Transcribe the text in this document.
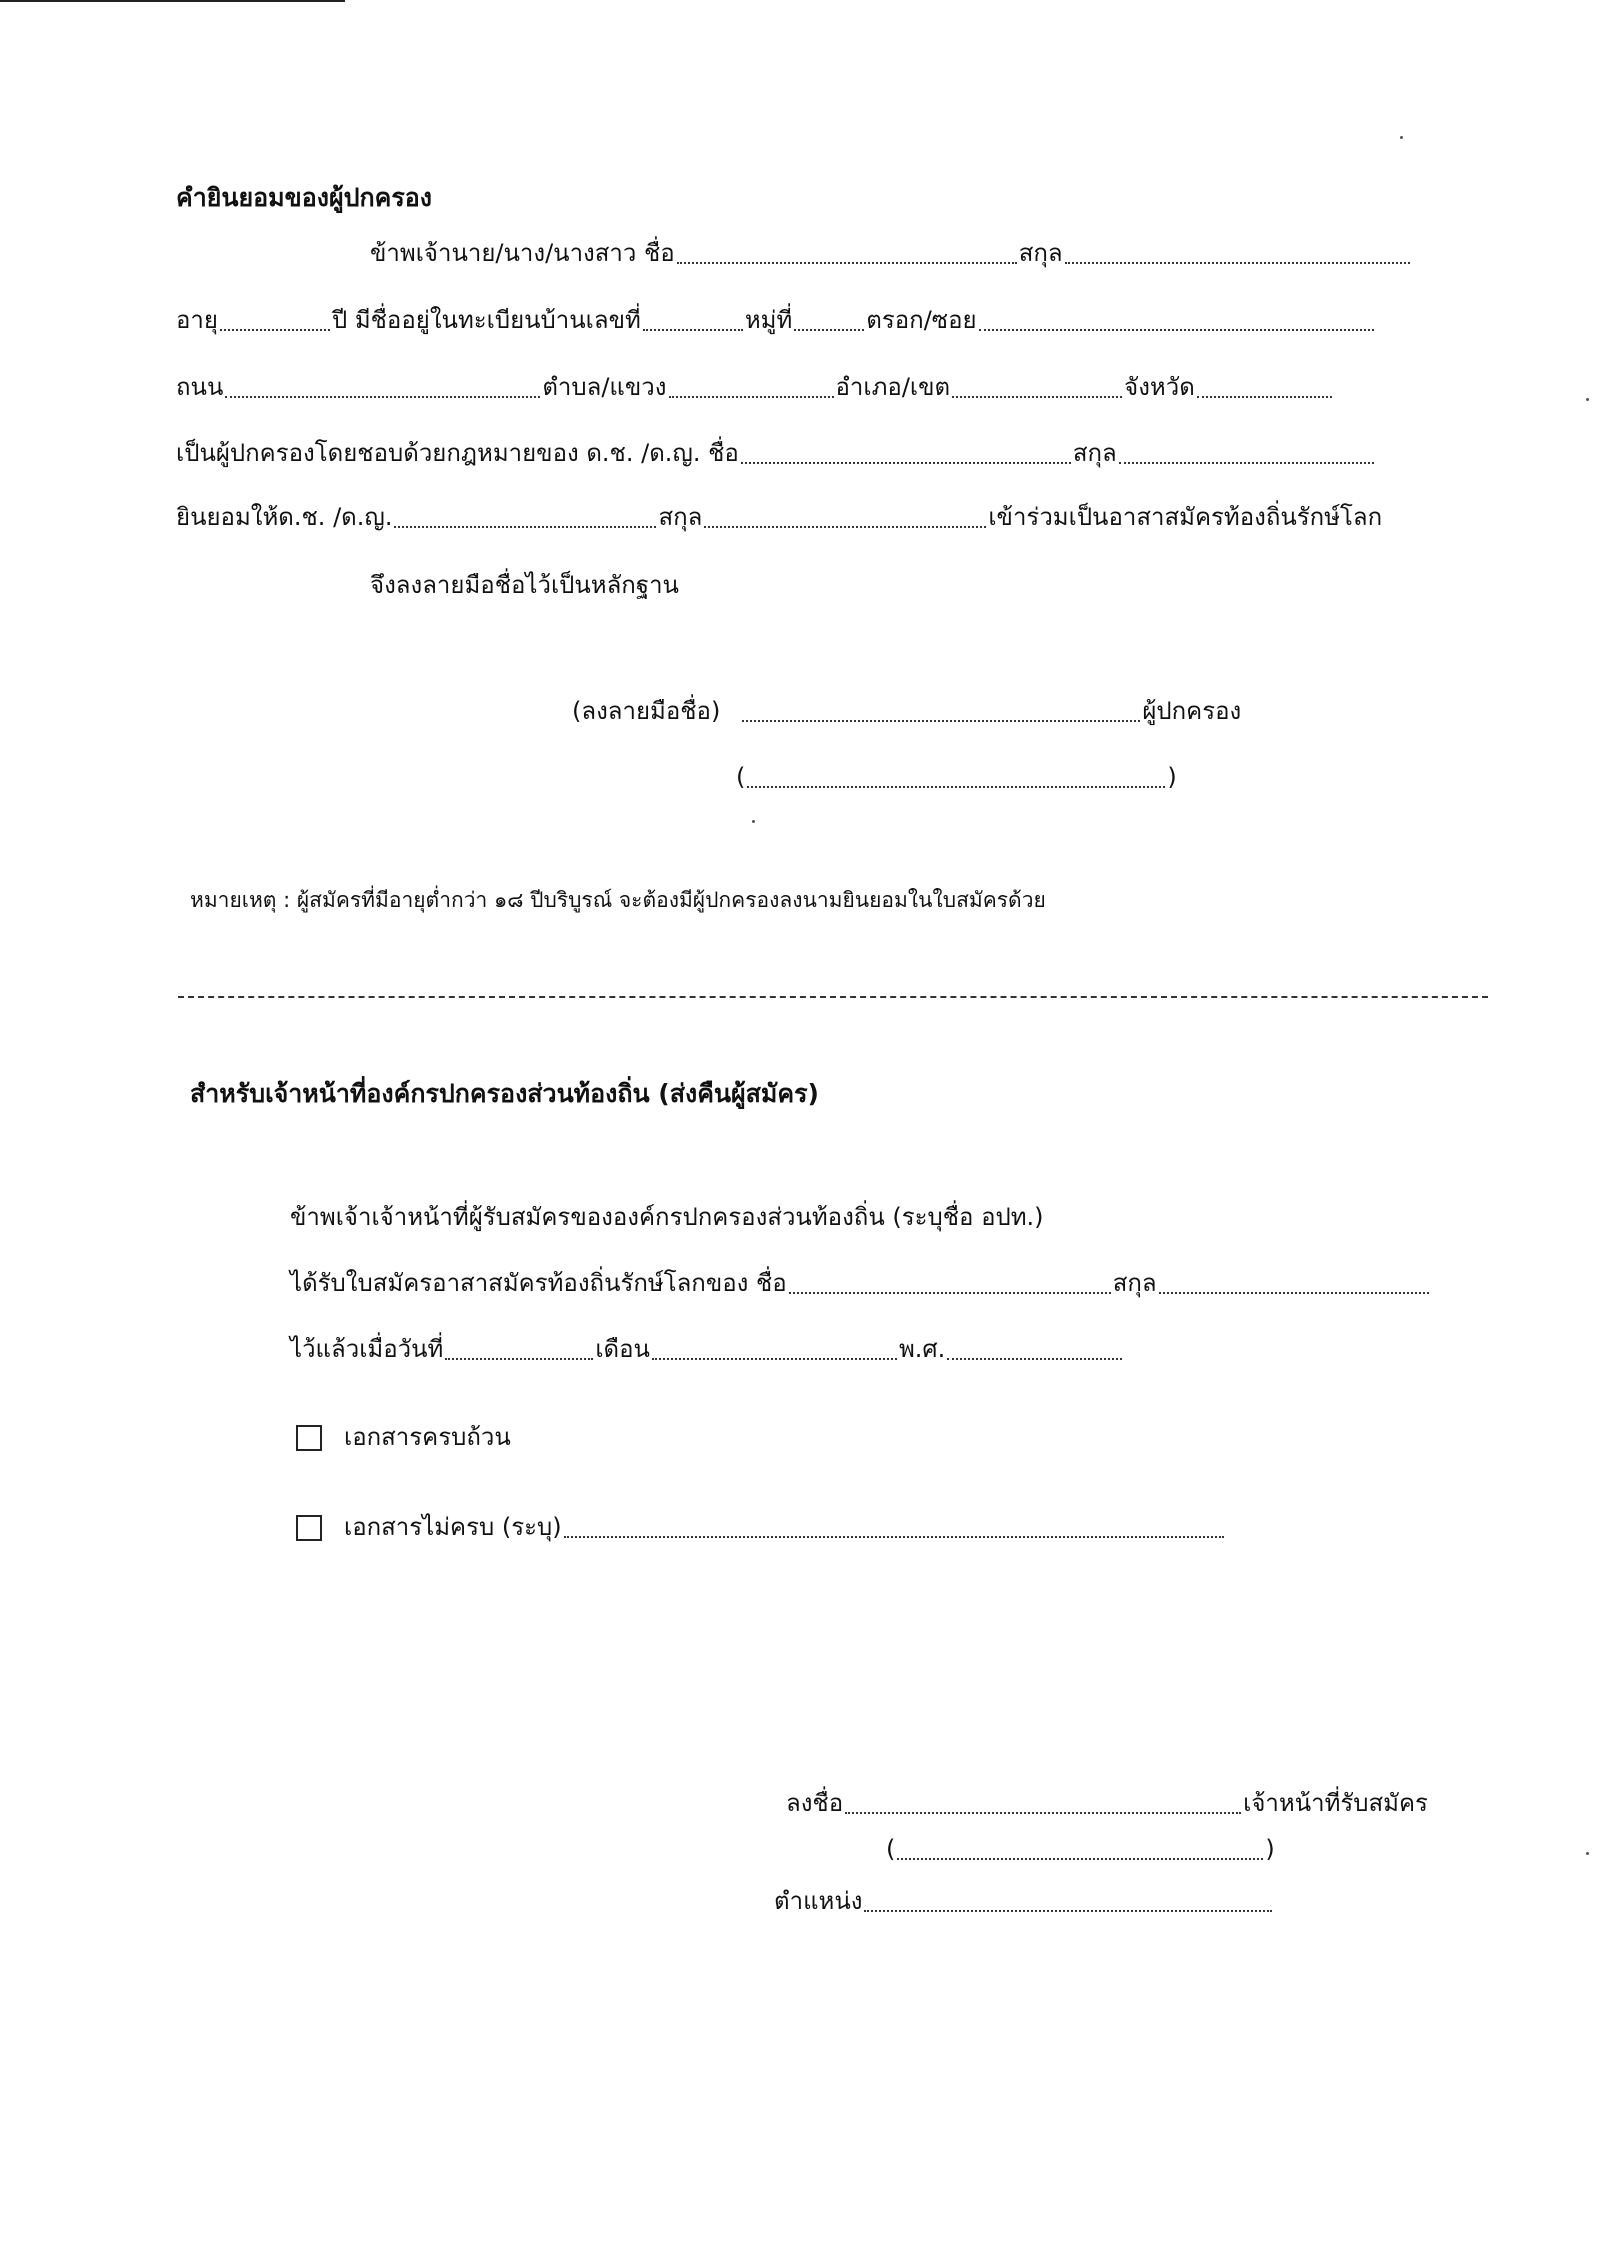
คำยินยอมของผู้ปกครอง
ข้าพเจ้านาย/นาง/นางสาว ชื่อ	สกุล
อายุ	ปี มีชื่ออยู่ในทะเบียนบ้านเลขที่	หมู่ที่	ตรอก/ซอย
ถนน	ตำบล/แขวง	อำเภอ/เขต	จังหวัด
เป็นผู้ปกครองโดยชอบด้วยกฎหมายของ ด.ช. /ด.ญ. ชื่อ	สกุล
ยินยอมให้ด.ช. /ด.ญ.	สกุล	เข้าร่วมเป็นอาสาสมัครท้องถิ่นรักษ์โลก
จึงลงลายมือชื่อไว้เป็นหลักฐาน
(ลงลายมือชื่อ)	ผู้ปกครอง
(	)
หมายเหตุ : ผู้สมัครที่มีอายุต่ำกว่า ๑๘ ปีบริบูรณ์ จะต้องมีผู้ปกครองลงนามยินยอมในใบสมัครด้วย
สำหรับเจ้าหน้าที่องค์กรปกครองส่วนท้องถิ่น (ส่งคืนผู้สมัคร)
ข้าพเจ้าเจ้าหน้าที่ผู้รับสมัครขององค์กรปกครองส่วนท้องถิ่น (ระบุชื่อ อปท.)
ได้รับใบสมัครอาสาสมัครท้องถิ่นรักษ์โลกของ ชื่อ	สกุล
ไว้แล้วเมื่อวันที่	เดือน	พ.ศ.
เอกสารครบถ้วน
เอกสารไม่ครบ (ระบุ)
ลงชื่อ	เจ้าหน้าที่รับสมัคร
(	)
ตำแหน่ง
